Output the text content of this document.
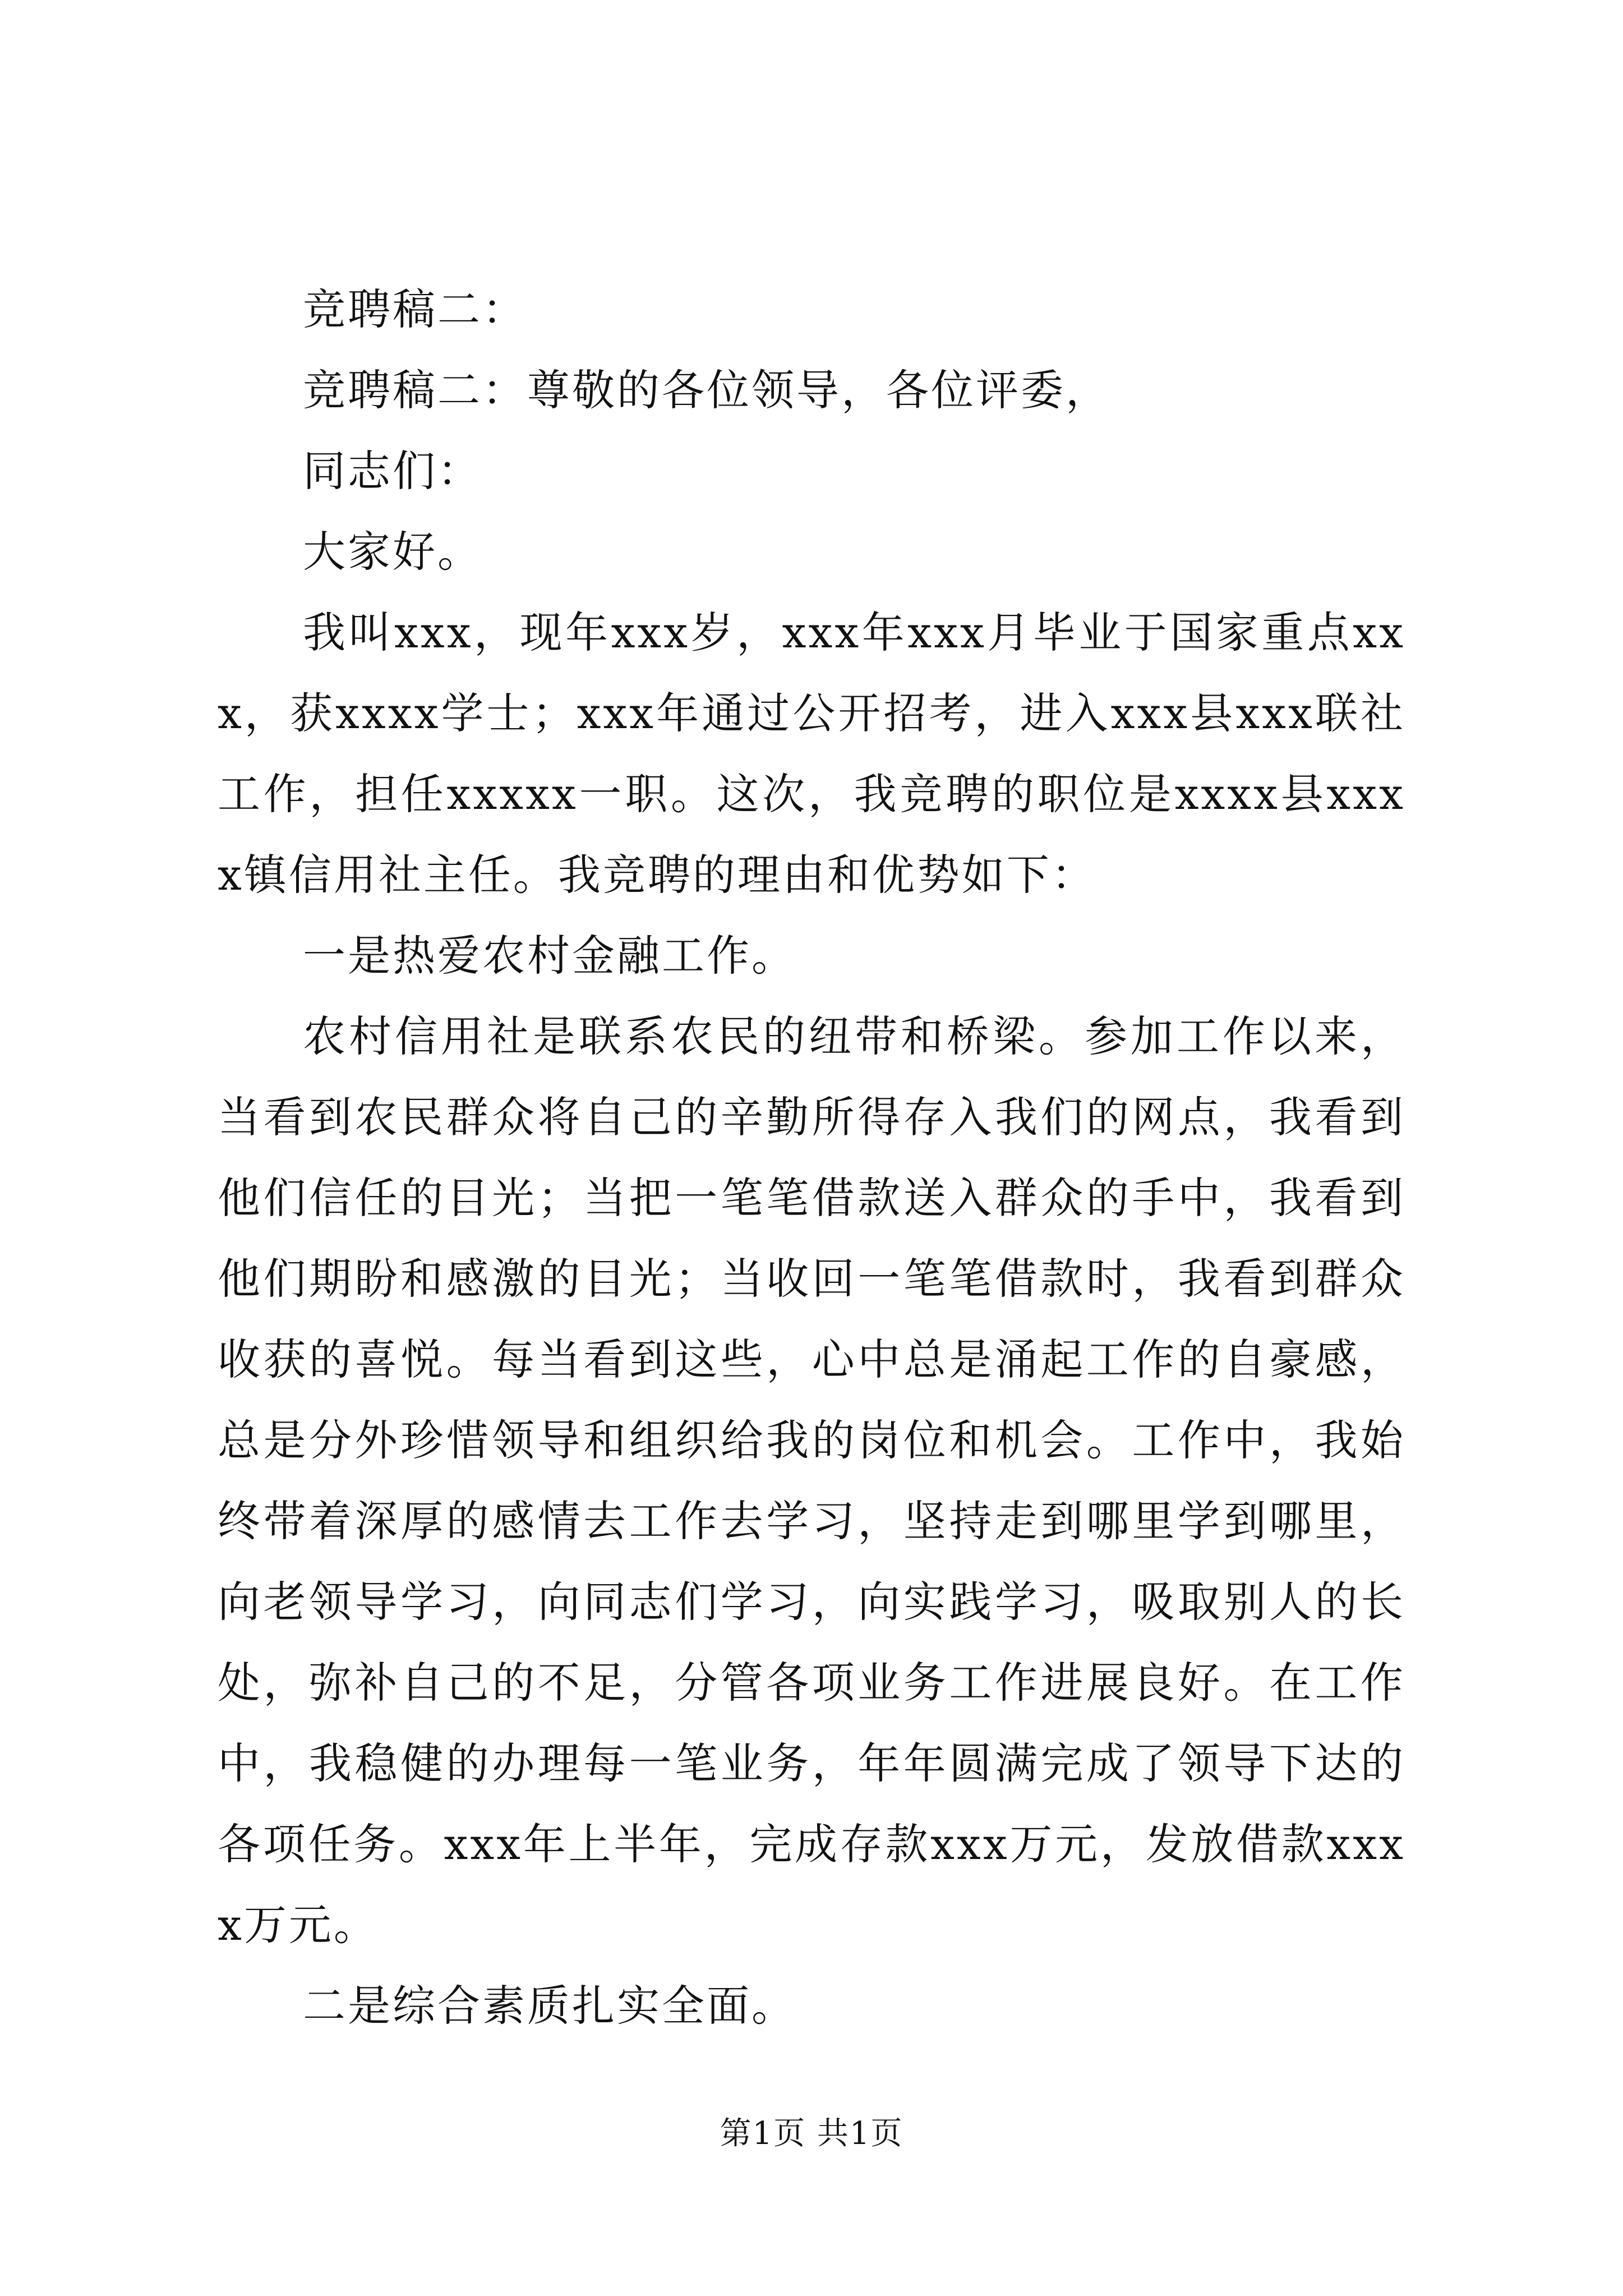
竞聘稿二：

竞聘稿二：尊敬的各位领导，各位评委，

同志们：

大家好。

我叫xxx，现年xxx岁，xxx年xxx月毕业于国家重点xxx，获xxxx学士；xxx年通过公开招考，进入xxx县xxx联社工作，担任xxxxx一职。这次，我竞聘的职位是xxxx县xxxx镇信用社主任。我竞聘的理由和优势如下：

一是热爱农村金融工作。

农村信用社是联系农民的纽带和桥梁。参加工作以来，当看到农民群众将自己的辛勤所得存入我们的网点，我看到他们信任的目光；当把一笔笔借款送入群众的手中，我看到他们期盼和感激的目光；当收回一笔笔借款时，我看到群众收获的喜悦。每当看到这些，心中总是涌起工作的自豪感，总是分外珍惜领导和组织给我的岗位和机会。工作中，我始终带着深厚的感情去工作去学习，坚持走到哪里学到哪里，向老领导学习，向同志们学习，向实践学习，吸取别人的长处，弥补自己的不足，分管各项业务工作进展良好。在工作中，我稳健的办理每一笔业务，年年圆满完成了领导下达的各项任务。xxx年上半年，完成存款xxx万元，发放借款xxxx万元。

二是综合素质扎实全面。

第1页 共1页
